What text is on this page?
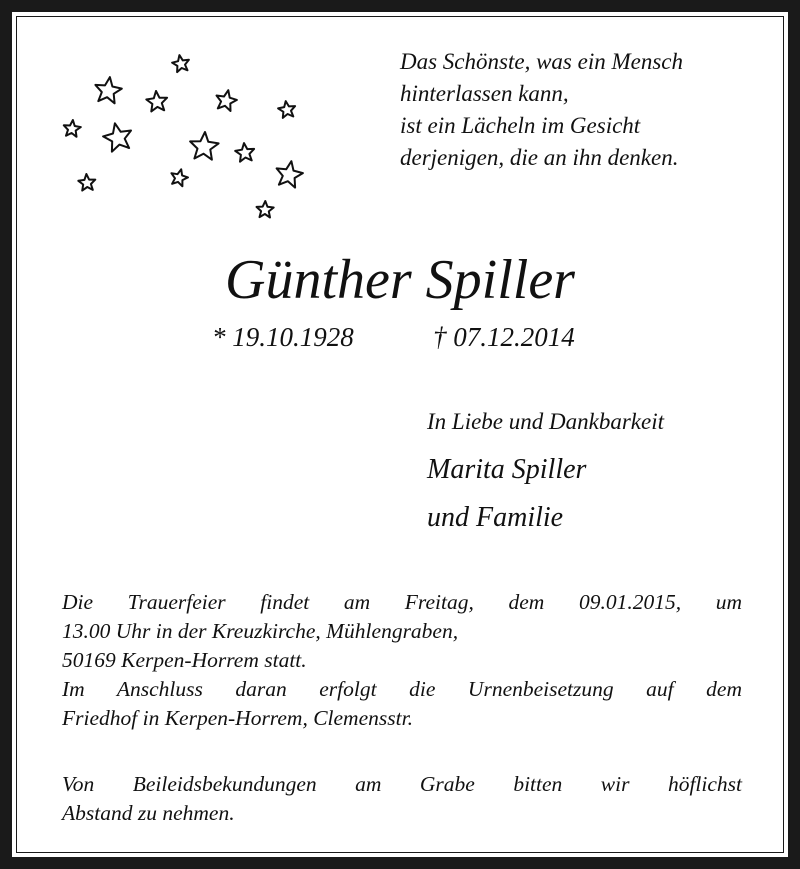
Das Schönste, was ein Mensch
hinterlassen kann,
ist ein Lächeln im Gesicht
derjenigen, die an ihn denken.
Günther Spiller
* 19.10.1928	† 07.12.2014
In Liebe und Dankbarkeit
Marita Spiller
und Familie
Die Trauerfeier findet am Freitag, dem 09.01.2015, um
13.00 Uhr in der Kreuzkirche, Mühlengraben,
50169 Kerpen-Horrem statt.
Im Anschluss daran erfolgt die Urnenbeisetzung auf dem
Friedhof in Kerpen-Horrem, Clemensstr.
Von Beileidsbekundungen am Grabe bitten wir höflichst
Abstand zu nehmen.
